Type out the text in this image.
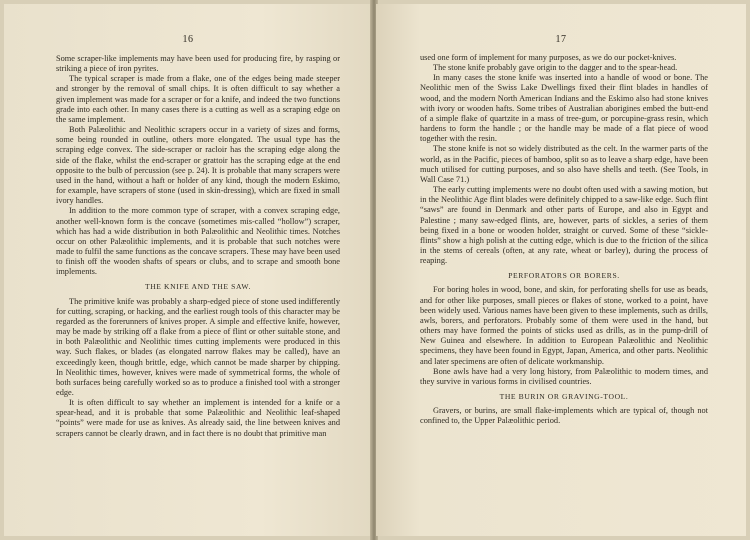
16

Some scraper-like implements may have been used for producing fire, by rasping or striking a piece of iron pyrites.

The typical scraper is made from a flake, one of the edges being made steeper and stronger by the removal of small chips. It is often difficult to say whether a given implement was made for a scraper or for a knife, and indeed the two functions grade into each other. In many cases there is a cutting as well as a scraping edge on the same implement.

Both Palæolithic and Neolithic scrapers occur in a variety of sizes and forms, some being rounded in outline, others more elongated. The usual type has the scraping edge convex. The side-scraper or racloir has the scraping edge along the side of the flake, whilst the end-scraper or grattoir has the scraping edge at the end opposite to the bulb of percussion (see p. 24). It is probable that many scrapers were used in the hand, without a haft or holder of any kind, though the modern Eskimo, for example, have scrapers of stone (used in skin-dressing), which are fixed in small ivory handles.

In addition to the more common type of scraper, with a convex scraping edge, another well-known form is the concave (sometimes mis-called “hollow”) scraper, which has had a wide distribution in both Palæolithic and Neolithic times. Notches occur on other Palæolithic implements, and it is probable that such notches were made to fulfil the same functions as the concave scrapers. These may have been used to finish off the wooden shafts of spears or clubs, and to scrape and smooth bone implements.

THE KNIFE AND THE SAW.

The primitive knife was probably a sharp-edged piece of stone used indifferently for cutting, scraping, or hacking, and the earliest rough tools of this character may be regarded as the forerunners of knives proper. A simple and effective knife, however, may be made by striking off a flake from a piece of flint or other suitable stone, and in both Palæolithic and Neolithic times cutting implements were produced in this way. Such flakes, or blades (as elongated narrow flakes may be called), have an exceedingly keen, though brittle, edge, which cannot be made sharper by chipping. In Neolithic times, however, knives were made of symmetrical forms, the whole of both surfaces being carefully worked so as to produce a finished tool with a stronger edge.

It is often difficult to say whether an implement is intended for a knife or a spear-head, and it is probable that some Palæolithic and Neolithic leaf-shaped “points” were made for use as knives. As already said, the line between knives and scrapers cannot be clearly drawn, and in fact there is no doubt that primitive man

17

used one form of implement for many purposes, as we do our pocket-knives.

The stone knife probably gave origin to the dagger and to the spear-head.

In many cases the stone knife was inserted into a handle of wood or bone. The Neolithic men of the Swiss Lake Dwellings fixed their flint blades in handles of wood, and the modern North American Indians and the Eskimo also had stone knives with ivory or wooden hafts. Some tribes of Australian aborigines embed the butt-end of a simple flake of quartzite in a mass of tree-gum, or porcupine-grass resin, which hardens to form the handle ; or the handle may be made of a flat piece of wood together with the resin.

The stone knife is not so widely distributed as the celt. In the warmer parts of the world, as in the Pacific, pieces of bamboo, split so as to leave a sharp edge, have been much utilised for cutting purposes, and so also have shells and teeth. (See Tools, in Wall Case 71.)

The early cutting implements were no doubt often used with a sawing motion, but in the Neolithic Age flint blades were definitely chipped to a saw-like edge. Such flint “saws” are found in Denmark and other parts of Europe, and also in Egypt and Palestine ; many saw-edged flints, are, however, parts of sickles, a series of them being fixed in a bone or wooden holder, straight or curved. Some of these “sickle-flints” show a high polish at the cutting edge, which is due to the friction of the silica in the stems of cereals (often, at any rate, wheat or barley), during the process of reaping.

PERFORATORS OR BORERS.

For boring holes in wood, bone, and skin, for perforating shells for use as beads, and for other like purposes, small pieces or flakes of stone, worked to a point, have been widely used. Various names have been given to these implements, such as drills, awls, borers, and perforators. Probably some of them were used in the hand, but others may have formed the points of sticks used as drills, as in the pump-drill of New Guinea and elsewhere. In addition to European Palæolithic and Neolithic specimens, they have been found in Egypt, Japan, America, and other parts. Neolithic and later specimens are often of delicate workmanship.

Bone awls have had a very long history, from Palæolithic to modern times, and they survive in various forms in civilised countries.

THE BURIN OR GRAVING-TOOL.

Gravers, or burins, are small flake-implements which are typical of, though not confined to, the Upper Palæolithic period.
